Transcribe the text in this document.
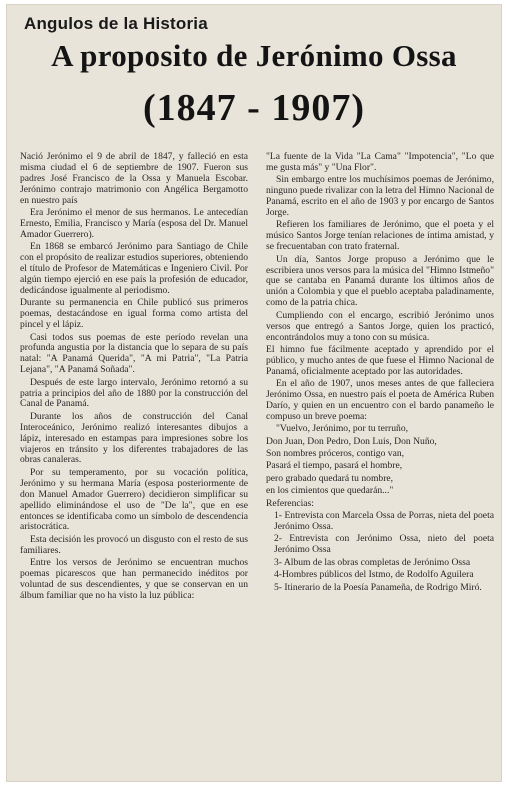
Angulos de la Historia
A proposito de Jerónimo Ossa
(1847 - 1907)

Nació Jerónimo el 9 de abril de 1847, y falleció en esta misma ciudad el 6 de septiembre de 1907. Fueron sus padres José Francisco de la Ossa y Manuela Escobar. Jerónimo contrajo matrimonio con Angélica Bergamotto en nuestro país

Era Jerónimo el menor de sus hermanos. Le antecedían Ernesto, Emilia, Francisco y María (esposa del Dr. Manuel Amador Guerrero).

En 1868 se embarcó Jerónimo para Santiago de Chile con el propósito de realizar estudios superiores, obteniendo el título de Profesor de Matemáticas e Ingeniero Civil. Por algún tiempo ejerció en ese país la profesión de educador, dedicándose igualmente al periodismo.

Durante su permanencia en Chile publicó sus primeros poemas, destacándose en igual forma como artista del pincel y el lápiz.

Casi todos sus poemas de este período revelan una profunda angustia por la distancia que lo separa de su país natal: "A Panamá Querida", "A mi Patria", "La Patria Lejana", "A Panamá Soñada".

Después de este largo intervalo, Jerónimo retornó a su patria a principios del año de 1880 por la construcción del Canal de Panamá.

Durante los años de construcción del Canal Interoceánico, Jerónimo realizó interesantes dibujos a lápiz, interesado en estampas para impresiones sobre los viajeros en tránsito y los diferentes trabajadores de las obras canaleras.

Por su temperamento, por su vocación política, Jerónimo y su hermana María (esposa posteriormente de don Manuel Amador Guerrero) decidieron simplificar su apellido eliminándose el uso de "De la", que en ese entonces se identificaba como un símbolo de descendencia aristocrática.

Esta decisión les provocó un disgusto con el resto de sus familiares.

Entre los versos de Jerónimo se encuentran muchos poemas picarescos que han permanecido inéditos por voluntad de sus descendientes, y que se conservan en un álbum familiar que no ha visto la luz pública:

"La fuente de la Vida "La Cama" "Impotencia", "Lo que me gusta más" y "Una Flor".

Sin embargo entre los muchísimos poemas de Jerónimo, ninguno puede rivalizar con la letra del Himno Nacional de Panamá, escrito en el año de 1903 y por encargo de Santos Jorge.

Refieren los familiares de Jerónimo, que el poeta y el músico Santos Jorge tenían relaciones de íntima amistad, y se frecuentaban con trato fraternal.

Un día, Santos Jorge propuso a Jerónimo que le escribiera unos versos para la música del "Himno Istmeño" que se cantaba en Panamá durante los últimos años de unión a Colombia y que el pueblo aceptaba paladinamente, como de la patria chica.

Cumpliendo con el encargo, escribió Jerónimo unos versos que entregó a Santos Jorge, quien los practicó, encontrándolos muy a tono con su música.

El himno fue fácilmente aceptado y aprendido por el público, y mucho antes de que fuese el Himno Nacional de Panamá, oficialmente aceptado por las autoridades.

En el año de 1907, unos meses antes de que falleciera Jerónimo Ossa, en nuestro país el poeta de América Ruben Darío, y quien en un encuentro con el bardo panameño le compuso un breve poema:

"Vuelvo, Jerónimo, por tu terruño,

Don Juan, Don Pedro, Don Luis, Don Nuño,

Son nombres próceros, contigo van,

Pasará el tiempo, pasará el hombre,

pero grabado quedará tu nombre,

en los cimientos que quedarán..."

Referencias:

1- Entrevista con Marcela Ossa de Porras, nieta del poeta Jerónimo Ossa.

2- Entrevista con Jerónimo Ossa, nieto del poeta Jerónimo Ossa

3- Album de las obras completas de Jerónimo Ossa

4-Hombres públicos del Istmo, de Rodolfo Aguilera

5- Itinerario de la Poesía Panameña, de Rodrigo Miró.
